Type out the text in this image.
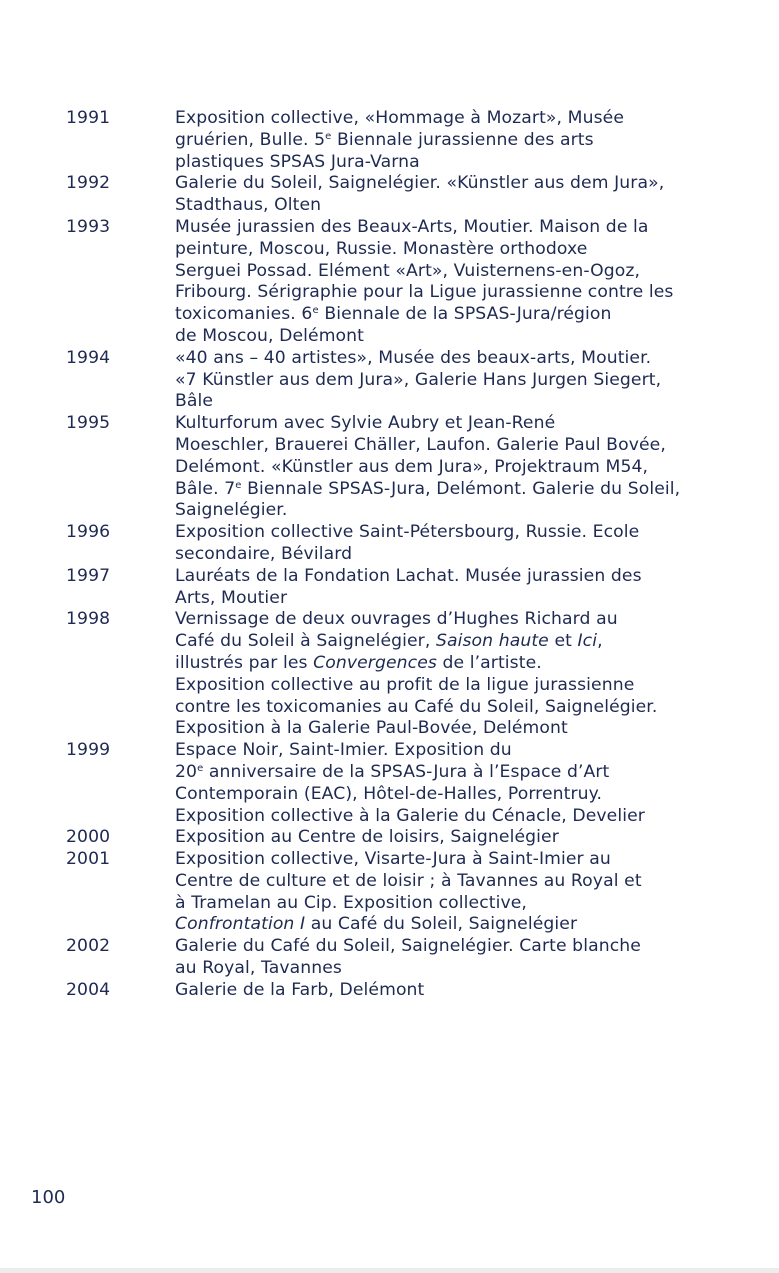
1991	Exposition collective, «Hommage à Mozart», Musée
gruérien, Bulle. 5e Biennale jurassienne des arts
plastiques SPSAS Jura-Varna
1992	Galerie du Soleil, Saignelégier. «Künstler aus dem Jura»,
Stadthaus, Olten
1993	Musée jurassien des Beaux-Arts, Moutier. Maison de la
peinture, Moscou, Russie. Monastère orthodoxe
Serguei Possad. Elément «Art», Vuisternens-en-Ogoz,
Fribourg. Sérigraphie pour la Ligue jurassienne contre les
toxicomanies. 6e Biennale de la SPSAS-Jura/région
de Moscou, Delémont
1994	«40 ans – 40 artistes», Musée des beaux-arts, Moutier.
«7 Künstler aus dem Jura», Galerie Hans Jurgen Siegert,
Bâle
1995	Kulturforum avec Sylvie Aubry et Jean-René
Moeschler, Brauerei Chäller, Laufon. Galerie Paul Bovée,
Delémont. «Künstler aus dem Jura», Projektraum M54,
Bâle. 7e Biennale SPSAS-Jura, Delémont. Galerie du Soleil,
Saignelégier.
1996	Exposition collective Saint-Pétersbourg, Russie. Ecole
secondaire, Bévilard
1997	Lauréats de la Fondation Lachat. Musée jurassien des
Arts, Moutier
1998	Vernissage de deux ouvrages d’Hughes Richard au
Café du Soleil à Saignelégier, Saison haute et Ici,
illustrés par les Convergences de l’artiste.
Exposition collective au profit de la ligue jurassienne
contre les toxicomanies au Café du Soleil, Saignelégier.
Exposition à la Galerie Paul-Bovée, Delémont
1999	Espace Noir, Saint-Imier. Exposition du
20e anniversaire de la SPSAS-Jura à l’Espace d’Art
Contemporain (EAC), Hôtel-de-Halles, Porrentruy.
Exposition collective à la Galerie du Cénacle, Develier
2000	Exposition au Centre de loisirs, Saignelégier
2001	Exposition collective, Visarte-Jura à Saint-Imier au
Centre de culture et de loisir ; à Tavannes au Royal et
à Tramelan au Cip. Exposition collective,
Confrontation I au Café du Soleil, Saignelégier
2002	Galerie du Café du Soleil, Saignelégier. Carte blanche
au Royal, Tavannes
2004	Galerie de la Farb, Delémont
100
